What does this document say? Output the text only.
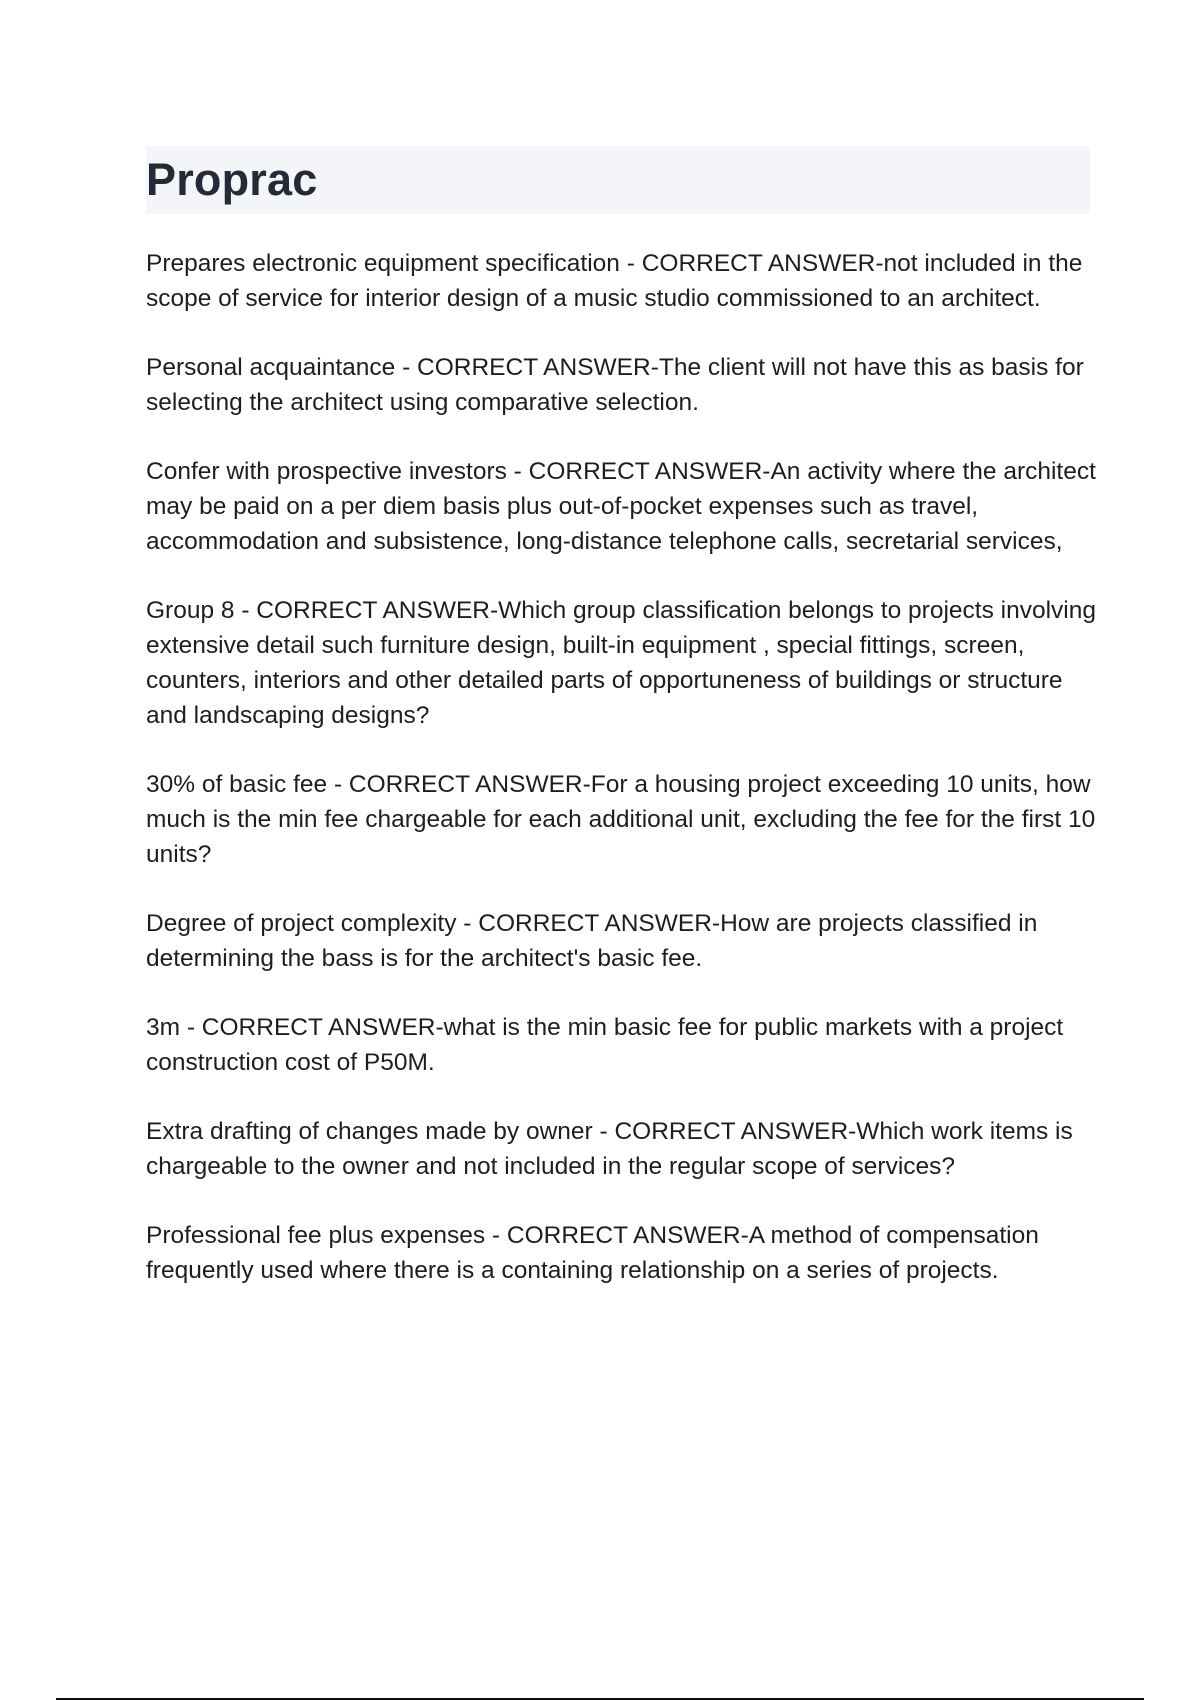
Proprac

Prepares electronic equipment specification - CORRECT ANSWER-not included in the scope of service for interior design of a music studio commissioned to an architect.

Personal acquaintance - CORRECT ANSWER-The client will not have this as basis for selecting the architect using comparative selection.

Confer with prospective investors - CORRECT ANSWER-An activity where the architect may be paid on a per diem basis plus out-of-pocket expenses such as travel, accommodation and subsistence, long-distance telephone calls, secretarial services,

Group 8 - CORRECT ANSWER-Which group classification belongs to projects involving extensive detail such furniture design, built-in equipment , special fittings, screen, counters, interiors and other detailed parts of opportuneness of buildings or structure and landscaping designs?

30% of basic fee - CORRECT ANSWER-For a housing project exceeding 10 units, how much is the min fee chargeable for each additional unit, excluding the fee for the first 10 units?

Degree of project complexity - CORRECT ANSWER-How are projects classified in determining the bass is for the architect's basic fee.

3m - CORRECT ANSWER-what is the min basic fee for public markets with a project construction cost of P50M.

Extra drafting of changes made by owner - CORRECT ANSWER-Which work items is chargeable to the owner and not included in the regular scope of services?

Professional fee plus expenses - CORRECT ANSWER-A method of compensation frequently used where there is a containing relationship on a series of projects.
